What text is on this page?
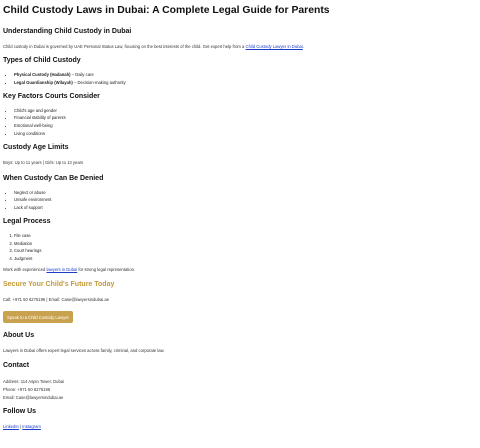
Child Custody Laws in Dubai: A Complete Legal Guide for Parents
Understanding Child Custody in Dubai

Child custody in Dubai is governed by UAE Personal Status Law, focusing on the best interests of the child. Get expert help from a Child Custody Lawyer in Dubai.

Types of Child Custody
• Physical Custody (Hadanah) – Daily care
• Legal Guardianship (Wilayah) – Decision-making authority
Key Factors Courts Consider
• Child's age and gender
• Financial stability of parents
• Emotional well-being
• Living conditions
Custody Age Limits

Boys: Up to 11 years | Girls: Up to 13 years

When Custody Can Be Denied
• Neglect or abuse
• Unsafe environment
• Lack of support
Legal Process
1. File case
2. Mediation
3. Court hearings
4. Judgment

Work with experienced lawyers in Dubai for strong legal representation.

Secure Your Child's Future Today

Call: +971 50 6275196 | Email: Case@lawyersindubai.ae

Speak to a Child Custody Lawyer
About Us

Lawyers in Dubai offers expert legal services across family, criminal, and corporate law.

Contact

Address: 114 Aspin Tower, Dubai

Phone: +971 50 6275196

Email: Case@lawyersindubai.ae

Follow Us

LinkedIn | Instagram
